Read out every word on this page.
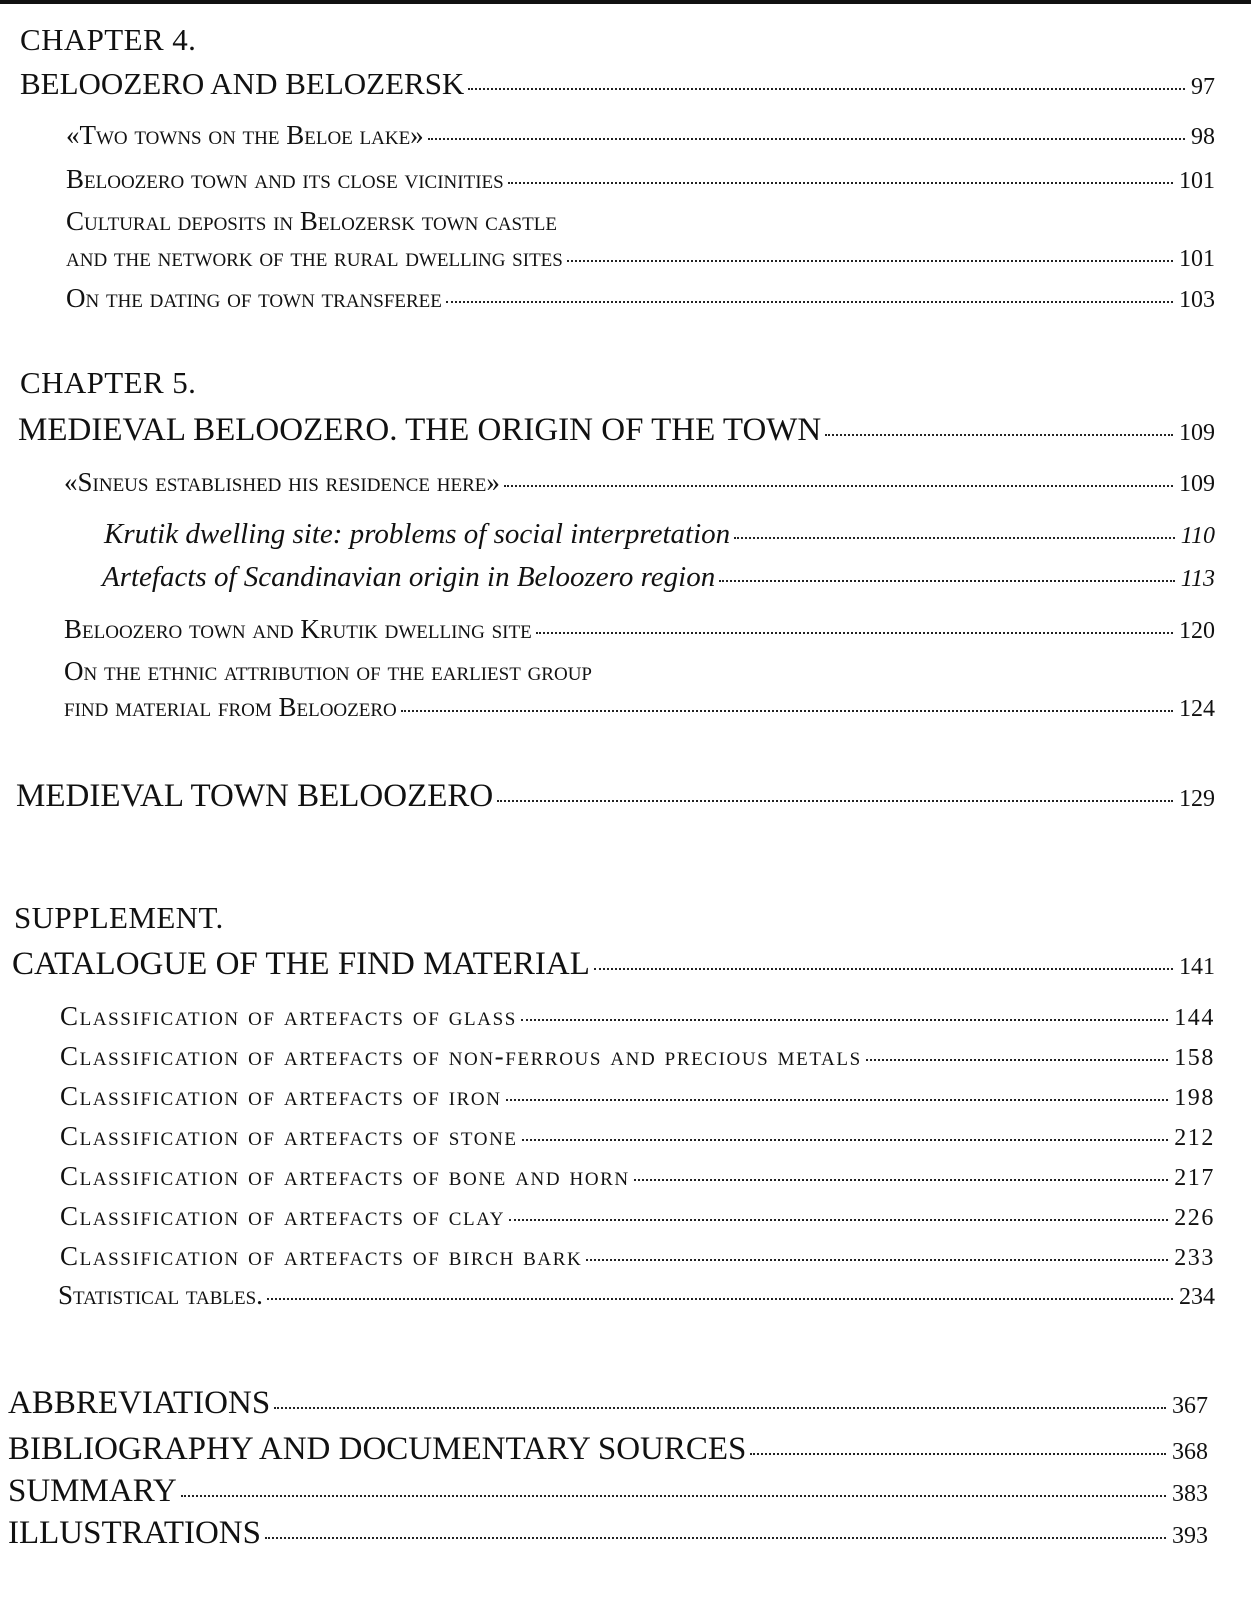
CHAPTER 4.
BELOOZERO AND BELOZERSK	97
«Two towns on the Beloe lake»	98
Beloozero town and its close vicinities	101
Cultural deposits in Belozersk town castle
and the network of the rural dwelling sites	101
On the dating of town transferee	103
CHAPTER 5.
MEDIEVAL BELOOZERO. THE ORIGIN OF THE TOWN	109
«Sineus established his residence here»	109
Krutik dwelling site: problems of social interpretation	110
Artefacts of Scandinavian origin in Beloozero region	113
Beloozero town and Krutik dwelling site	120
On the ethnic attribution of the earliest group
find material from Beloozero	124
MEDIEVAL TOWN BELOOZERO	129
SUPPLEMENT.
CATALOGUE OF THE FIND MATERIAL	141
Classification of artefacts of glass	144
Classification of artefacts of non-ferrous and precious metals	158
Classification of artefacts of iron	198
Classification of artefacts of stone	212
Classification of artefacts of bone and horn	217
Classification of artefacts of clay	226
Classification of artefacts of birch bark	233
Statistical tables.	234
ABBREVIATIONS	367
BIBLIOGRAPHY AND DOCUMENTARY SOURCES	368
SUMMARY	383
ILLUSTRATIONS	393
